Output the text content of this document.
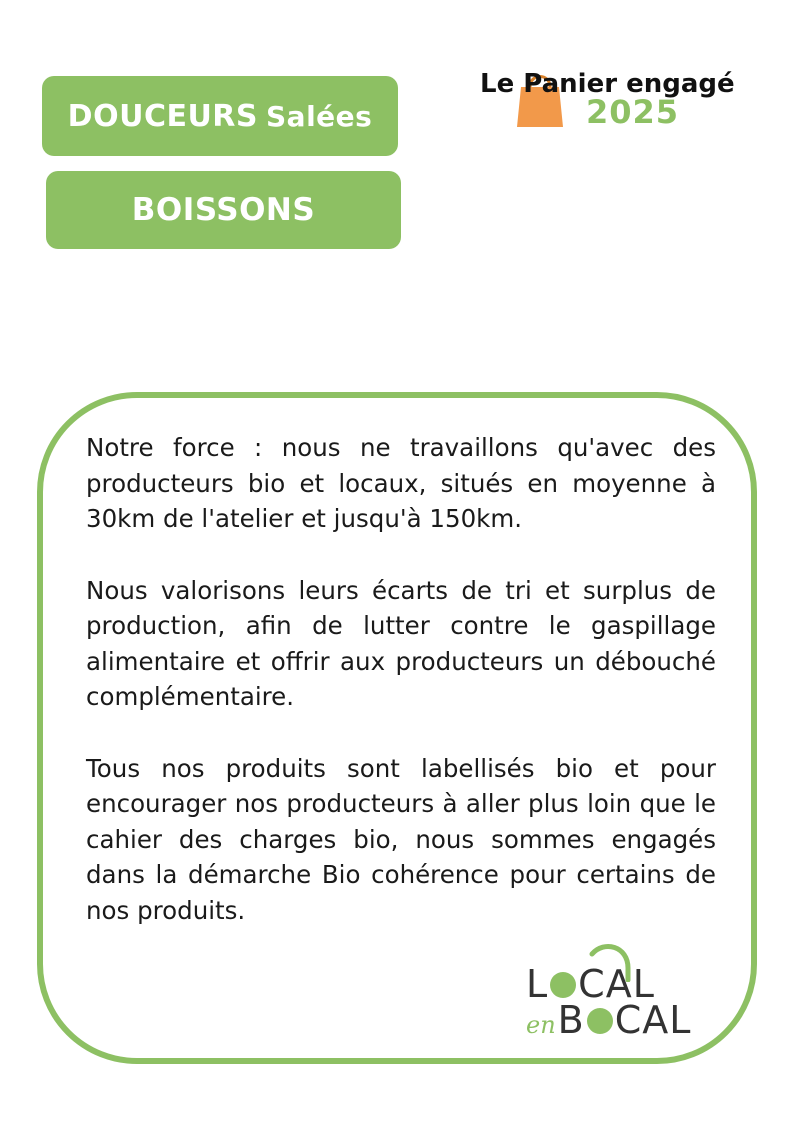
DOUCEURS Salées
BOISSONS
Le Panier engagé
2025

Notre force : nous ne travaillons qu'avec des producteurs bio et locaux, situés en moyenne à 30km de l'atelier et jusqu'à 150km.

Nous valorisons leurs écarts de tri et surplus de production, afin de lutter contre le gaspillage alimentaire et offrir aux producteurs un débouché complémentaire.

Tous nos produits sont labellisés bio et pour encourager nos producteurs à aller plus loin que le cahier des charges bio, nous sommes engagés dans la démarche Bio cohérence pour certains de nos produits.

L CAL
enB CAL
